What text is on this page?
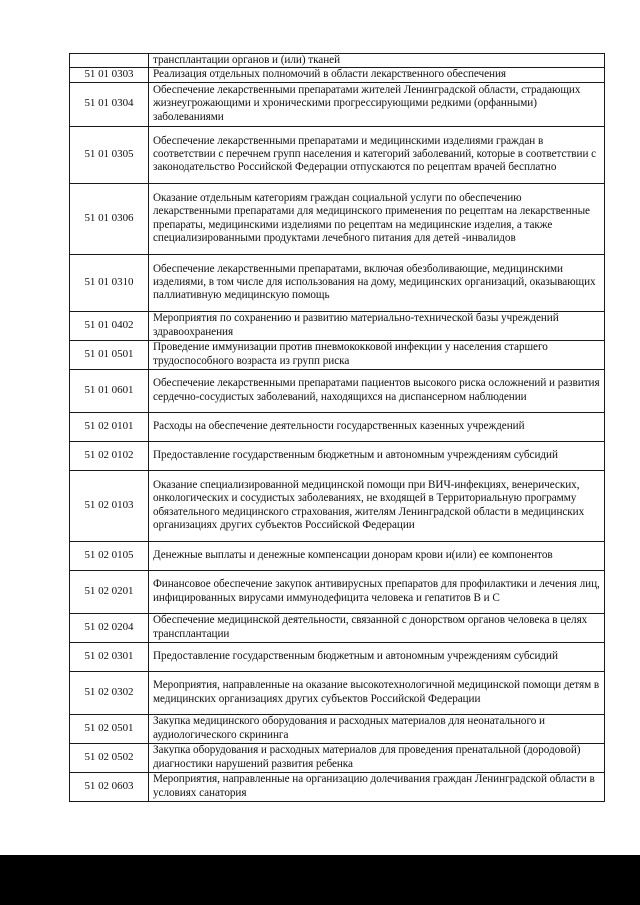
	трансплантации органов и (или) тканей
51 01 0303	Реализация отдельных полномочий в области лекарственного обеспечения
51 01 0304	Обеспечение лекарственными препаратами жителей Ленинградской области, страдающих жизнеугрожающими и хроническими прогрессирующими редкими (орфанными) заболеваниями
51 01 0305	Обеспечение лекарственными препаратами и медицинскими изделиями граждан в соответствии с перечнем групп населения и категорий заболеваний, которые в соответствии с законодательство Российской Федерации отпускаются по рецептам врачей бесплатно
51 01 0306	Оказание отдельным категориям граждан социальной услуги по обеспечению лекарственными препаратами для медицинского применения по рецептам на лекарственные препараты, медицинскими изделиями по рецептам на медицинские изделия, а также специализированными продуктами лечебного питания для детей -инвалидов
51 01 0310	Обеспечение лекарственными препаратами, включая обезболивающие, медицинскими изделиями, в том числе для использования на дому, медицинских организаций, оказывающих паллиативную медицинскую помощь
51 01 0402	Мероприятия по сохранению и развитию материально-технической базы учреждений здравоохранения
51 01 0501	Проведение иммунизации против пневмококковой инфекции у населения старшего трудоспособного возраста из групп риска
51 01 0601	Обеспечение лекарственными препаратами пациентов высокого риска осложнений и развития сердечно-сосудистых заболеваний, находящихся на диспансерном наблюдении
51 02 0101	Расходы на обеспечение деятельности государственных казенных учреждений
51 02 0102	Предоставление государственным бюджетным и автономным учреждениям субсидий
51 02 0103	Оказание специализированной медицинской помощи при ВИЧ-инфекциях, венерических, онкологических и сосудистых заболеваниях, не входящей в Территориальную программу обязательного медицинского страхования, жителям Ленинградской области в медицинских организациях других субъектов Российской Федерации
51 02 0105	Денежные выплаты и денежные компенсации донорам крови и(или) ее компонентов
51 02 0201	Финансовое обеспечение закупок антивирусных препаратов для профилактики и лечения лиц, инфицированных вирусами иммунодефицита человека и гепатитов В и С
51 02 0204	Обеспечение медицинской деятельности, связанной с донорством органов человека в целях трансплантации
51 02 0301	Предоставление государственным бюджетным и автономным учреждениям субсидий
51 02 0302	Мероприятия, направленные на оказание высокотехнологичной медицинской помощи детям в медицинских организациях других субъектов Российской Федерации
51 02 0501	Закупка медицинского оборудования и расходных материалов для неонатального и аудиологического скрининга
51 02 0502	Закупка оборудования и расходных материалов для проведения пренатальной (дородовой) диагностики нарушений развития ребенка
51 02 0603	Мероприятия, направленные на организацию долечивания граждан Ленинградской области в условиях санатория
